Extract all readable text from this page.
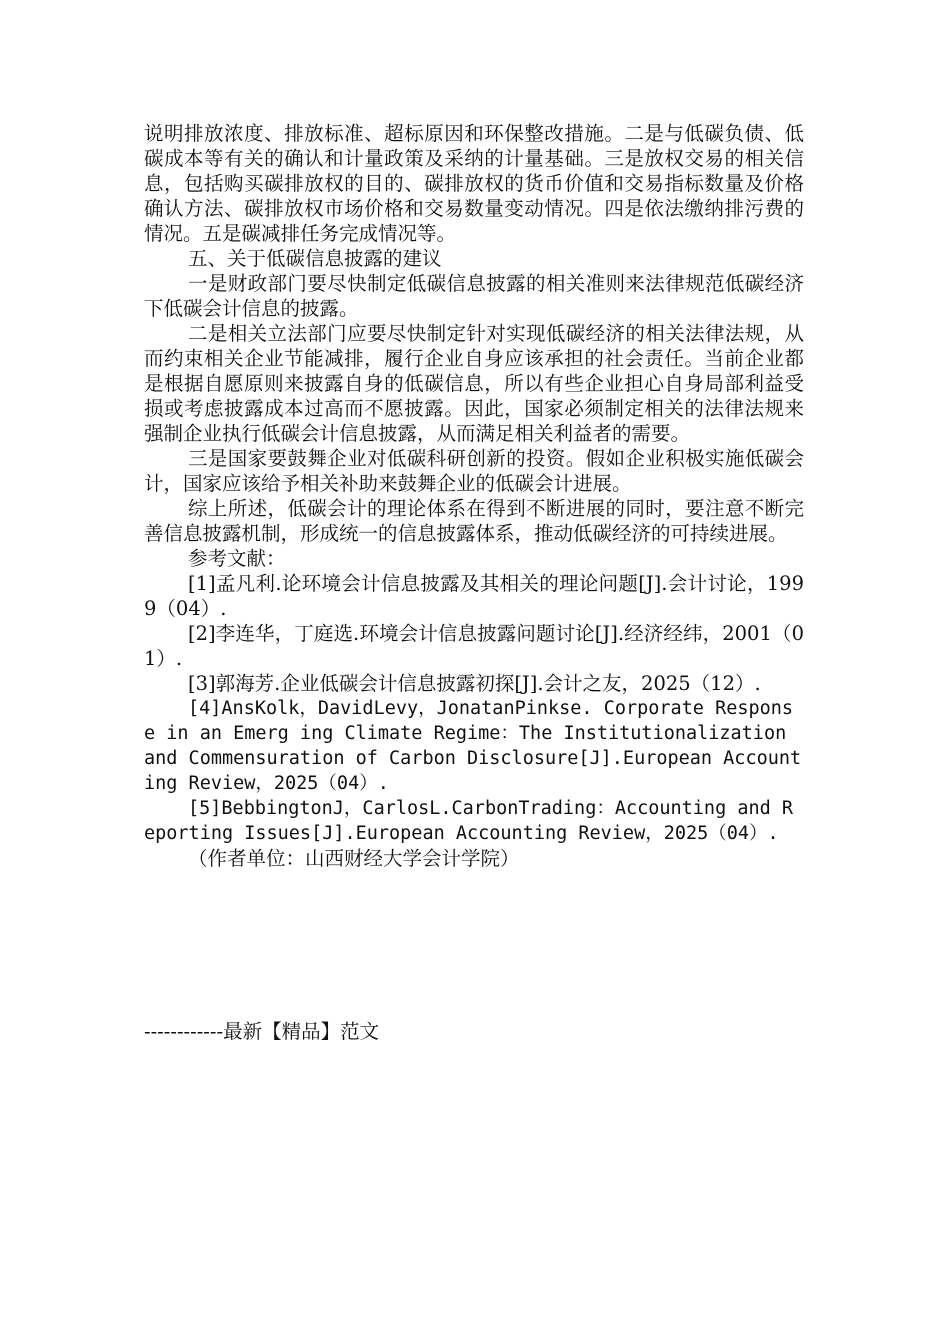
说明排放浓度、排放标准、超标原因和环保整改措施。二是与低碳负债、低碳成本等有关的确认和计量政策及采纳的计量基础。三是放权交易的相关信息，包括购买碳排放权的目的、碳排放权的货币价值和交易指标数量及价格确认方法、碳排放权市场价格和交易数量变动情况。四是依法缴纳排污费的情况。五是碳减排任务完成情况等。

五、关于低碳信息披露的建议

一是财政部门要尽快制定低碳信息披露的相关准则来法律规范低碳经济下低碳会计信息的披露。

二是相关立法部门应要尽快制定针对实现低碳经济的相关法律法规，从而约束相关企业节能减排，履行企业自身应该承担的社会责任。当前企业都是根据自愿原则来披露自身的低碳信息，所以有些企业担心自身局部利益受损或考虑披露成本过高而不愿披露。因此，国家必须制定相关的法律法规来强制企业执行低碳会计信息披露，从而满足相关利益者的需要。

三是国家要鼓舞企业对低碳科研创新的投资。假如企业积极实施低碳会计，国家应该给予相关补助来鼓舞企业的低碳会计进展。

综上所述，低碳会计的理论体系在得到不断进展的同时，要注意不断完善信息披露机制，形成统一的信息披露体系，推动低碳经济的可持续进展。

参考文献：

[1]孟凡利.论环境会计信息披露及其相关的理论问题[J].会计讨论，1999（04）.

[2]李连华，丁庭选.环境会计信息披露问题讨论[J].经济经纬，2001（01）.

[3]郭海芳.企业低碳会计信息披露初探[J].会计之友，2025（12）.

[4]AnsKolk，DavidLevy，JonatanPinkse. Corporate Response in an Emerg ing Climate Regime：The Institutionalization and Commensuration of Carbon Disclosure[J].European Accounting Review，2025（04）.

[5]BebbingtonJ，CarlosL.CarbonTrading：Accounting and Reporting Issues[J].European Accounting Review，2025（04）.

（作者单位：山西财经大学会计学院）

------------最新【精品】范文
